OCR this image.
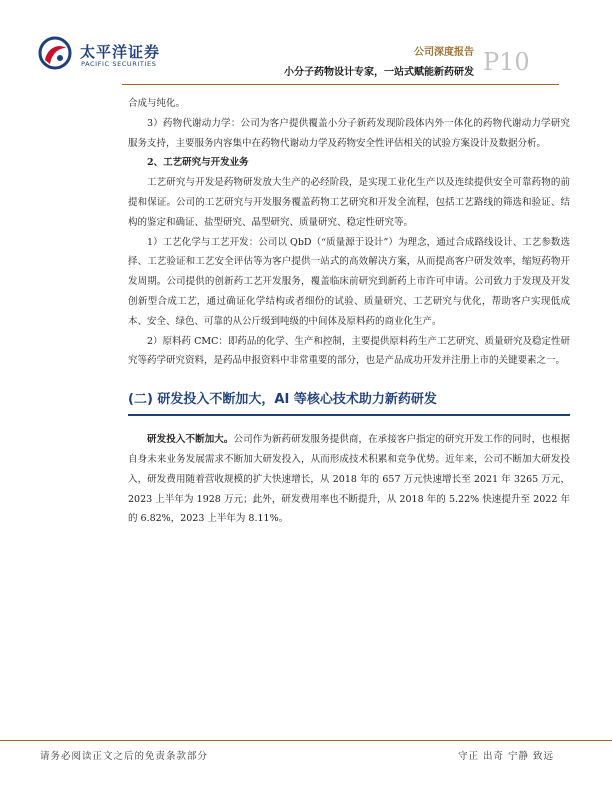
太平洋证券
PACIFIC SECURITIES
公司深度报告
小分子药物设计专家，一站式赋能新药研发 P10

合成与纯化。

3）药物代谢动力学：公司为客户提供覆盖小分子新药发现阶段体内外一体化的药物代谢动力学研究服务支持，主要服务内容集中在药物代谢动力学及药物安全性评估相关的试验方案设计及数据分析。

2、工艺研究与开发业务

工艺研究与开发是药物研发放大生产的必经阶段，是实现工业化生产以及连续提供安全可靠药物的前提和保证。公司的工艺研究与开发服务覆盖药物工艺研究和开发全流程，包括工艺路线的筛选和验证、结构的鉴定和确证、盐型研究、晶型研究、质量研究、稳定性研究等。

1）工艺化学与工艺开发：公司以 QbD（“质量源于设计”）为理念，通过合成路线设计、工艺参数选择、工艺验证和工艺安全评估等为客户提供一站式的高效解决方案，从而提高客户研发效率，缩短药物开发周期。公司提供的创新药工艺开发服务，覆盖临床前研究到新药上市许可申请。公司致力于发现及开发创新型合成工艺，通过确证化学结构或者细份的试验、质量研究、工艺研究与优化，帮助客户实现低成本、安全、绿色、可靠的从公斤级到吨级的中间体及原料药的商业化生产。

2）原料药 CMC：即药品的化学、生产和控制，主要提供原料药生产工艺研究、质量研究及稳定性研究等药学研究资料，是药品申报资料中非常重要的部分，也是产品成功开发并注册上市的关键要素之一。

(二) 研发投入不断加大，AI 等核心技术助力新药研发

研发投入不断加大。公司作为新药研发服务提供商，在承接客户指定的研究开发工作的同时，也根据自身未来业务发展需求不断加大研发投入，从而形成技术积累和竞争优势。近年来，公司不断加大研发投入，研发费用随着营收规模的扩大快速增长，从 2018 年的 657 万元快速增长至 2021 年 3265 万元，2023 上半年为 1928 万元；此外，研发费用率也不断提升，从 2018 年的 5.22% 快速提升至 2022 年的 6.82%，2023 上半年为 8.11%。

请务必阅读正文之后的免责条款部分	守正 出奇 宁静 致远
